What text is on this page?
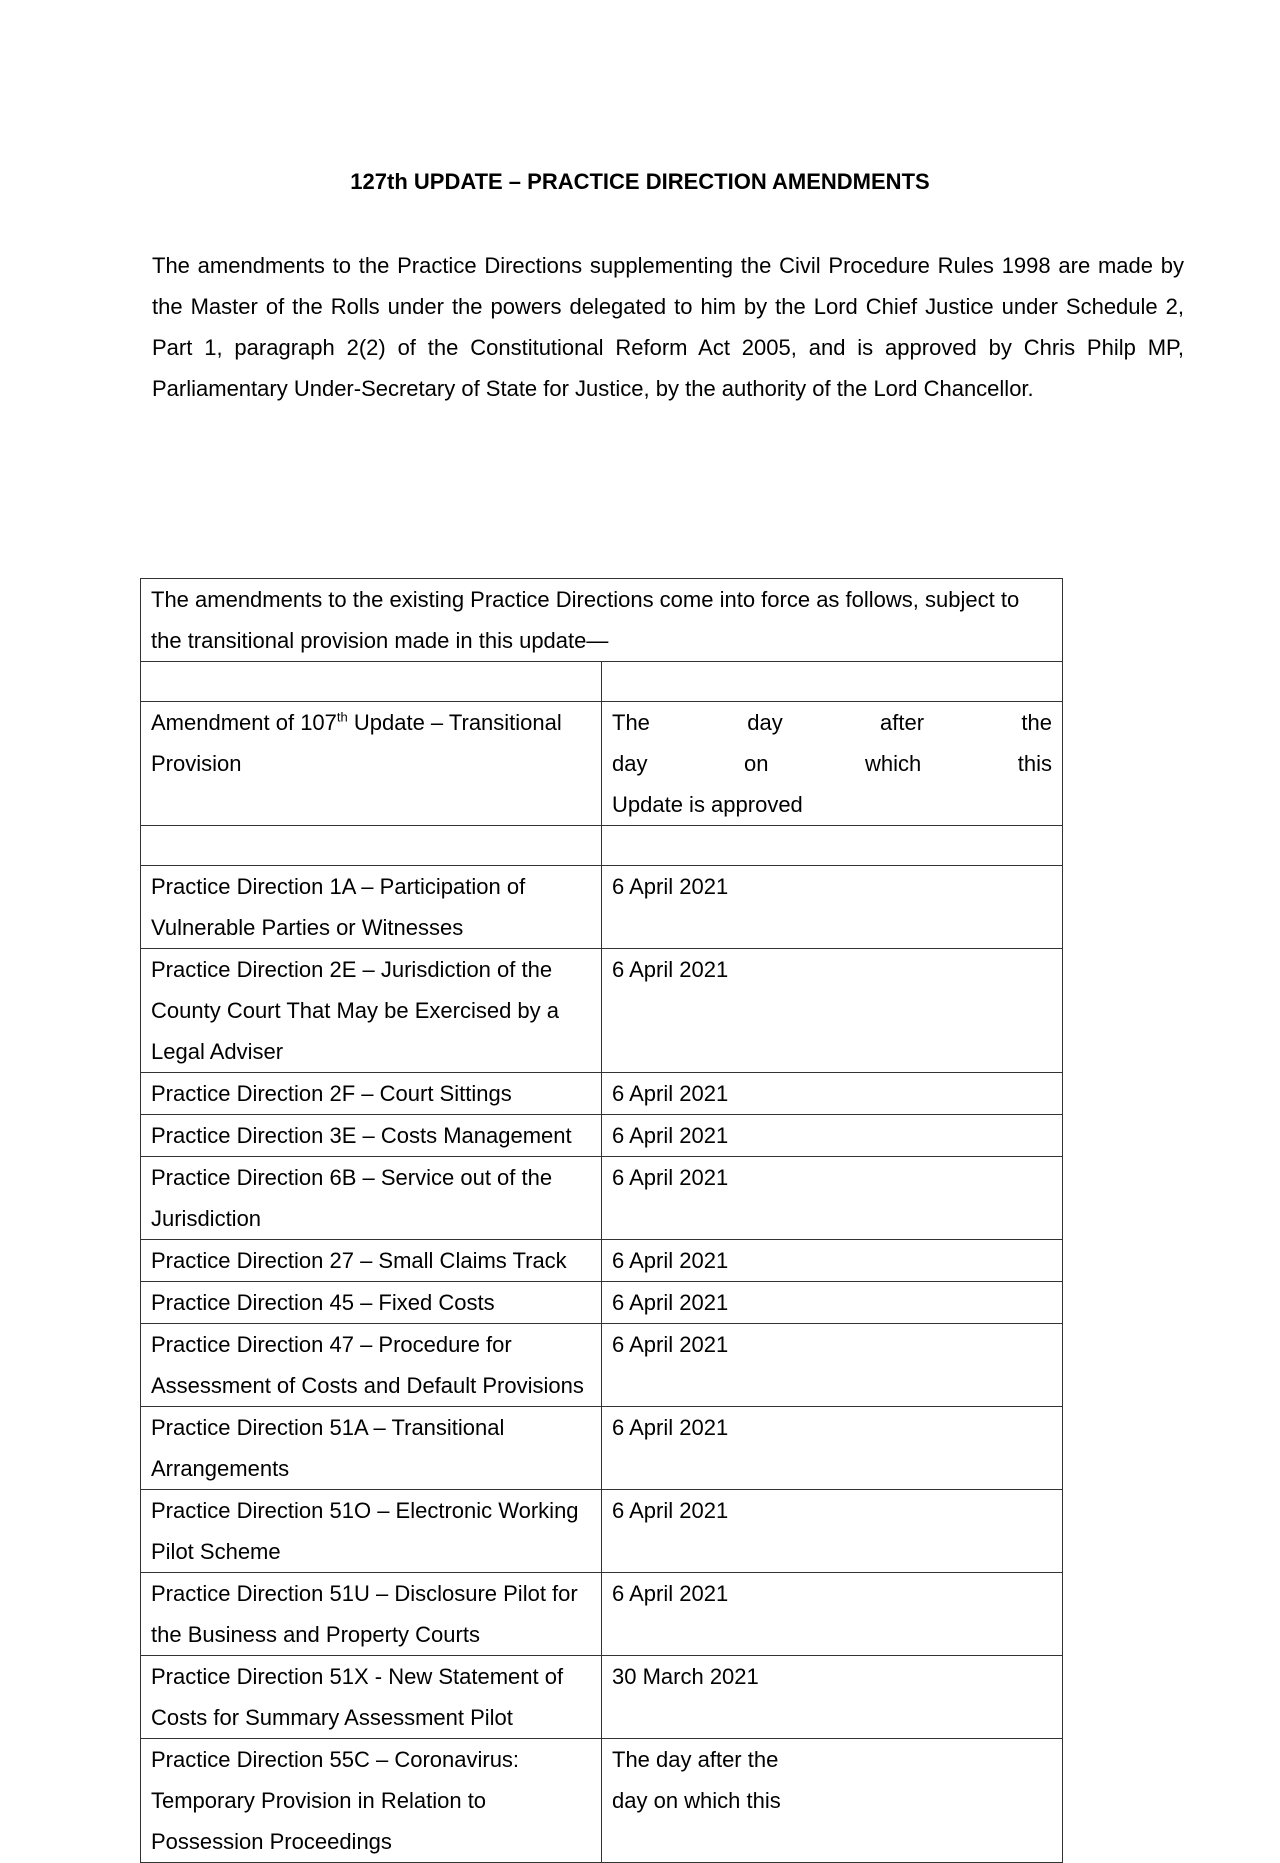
127th UPDATE – PRACTICE DIRECTION AMENDMENTS

The amendments to the Practice Directions supplementing the Civil Procedure Rules 1998 are made by the Master of the Rolls under the powers delegated to him by the Lord Chief Justice under Schedule 2, Part 1, paragraph 2(2) of the Constitutional Reform Act 2005, and is approved by Chris Philp MP, Parliamentary Under-Secretary of State for Justice, by the authority of the Lord Chancellor.

The amendments to the existing Practice Directions come into force as follows, subject to the transitional provision made in this update—	

Amendment of 107th Update – Transitional Provision	The day after the
day on which this
Update is approved

Practice Direction 1A – Participation of Vulnerable Parties or Witnesses	6 April 2021
Practice Direction 2E – Jurisdiction of the County Court That May be Exercised by a Legal Adviser	6 April 2021
Practice Direction 2F – Court Sittings	6 April 2021
Practice Direction 3E – Costs Management	6 April 2021
Practice Direction 6B – Service out of the Jurisdiction	6 April 2021
Practice Direction 27 – Small Claims Track	6 April 2021
Practice Direction 45 – Fixed Costs	6 April 2021
Practice Direction 47 – Procedure for Assessment of Costs and Default Provisions	6 April 2021
Practice Direction 51A – Transitional Arrangements	6 April 2021
Practice Direction 51O – Electronic Working Pilot Scheme	6 April 2021
Practice Direction 51U – Disclosure Pilot for the Business and Property Courts	6 April 2021
Practice Direction 51X - New Statement of Costs for Summary Assessment Pilot	30 March 2021
Practice Direction 55C – Coronavirus: Temporary Provision in Relation to Possession Proceedings	The day after the
day on which this
